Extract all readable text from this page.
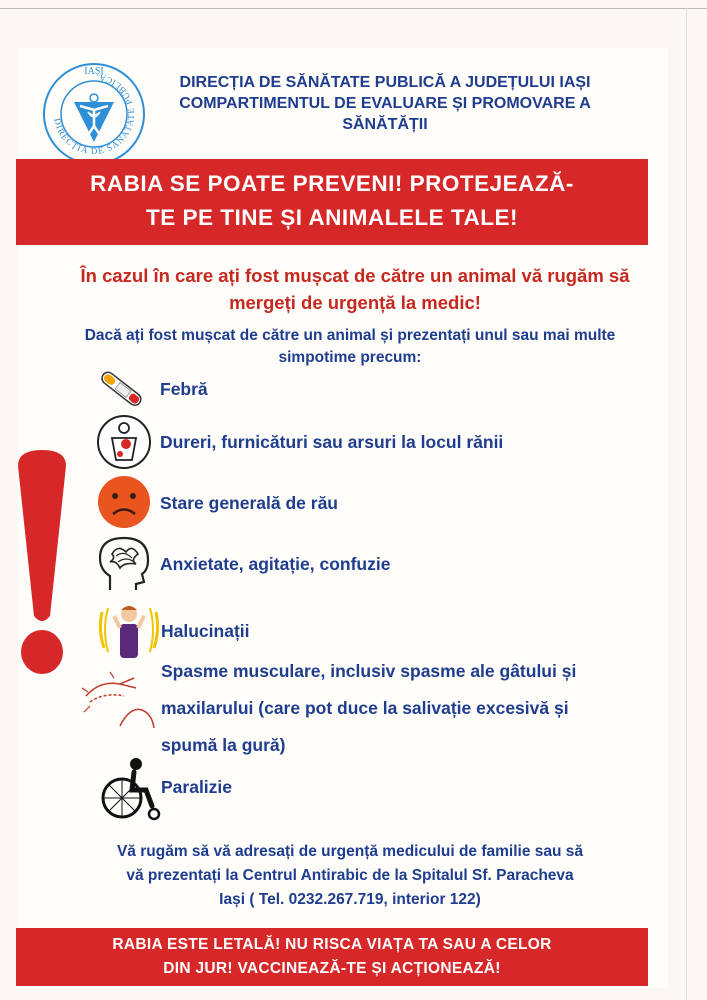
DIRECȚIA DE SĂNĂTATE PUBLICĂ
IAȘI
DIRECȚIA DE SĂNĂTATE PUBLICĂ A JUDEȚULUI IAȘI
COMPARTIMENTUL DE EVALUARE ȘI PROMOVARE A
SĂNĂTĂȚII
RABIA SE POATE PREVENI! PROTEJEAZĂ-
TE PE TINE ȘI ANIMALELE TALE!
În cazul în care ați fost mușcat de către un animal vă rugăm să
mergeți de urgență la medic!
Dacă ați fost mușcat de către un animal și prezentați unul sau mai multe
simpotime precum:
Febră
Dureri, furnicături sau arsuri la locul rănii
Stare generală de rău
Anxietate, agitație, confuzie
Halucinații
Spasme musculare, inclusiv spasme ale gâtului și
maxilarului (care pot duce la salivație excesivă și
spumă la gură)
Paralizie
Vă rugăm să vă adresați de urgență medicului de familie sau să
vă prezentați la Centrul Antirabic de la Spitalul Sf. Paracheva
Iași ( Tel. 0232.267.719, interior 122)
RABIA ESTE LETALĂ! NU RISCA VIAȚA TA SAU A CELOR
DIN JUR! VACCINEAZĂ-TE ȘI ACȚIONEAZĂ!
